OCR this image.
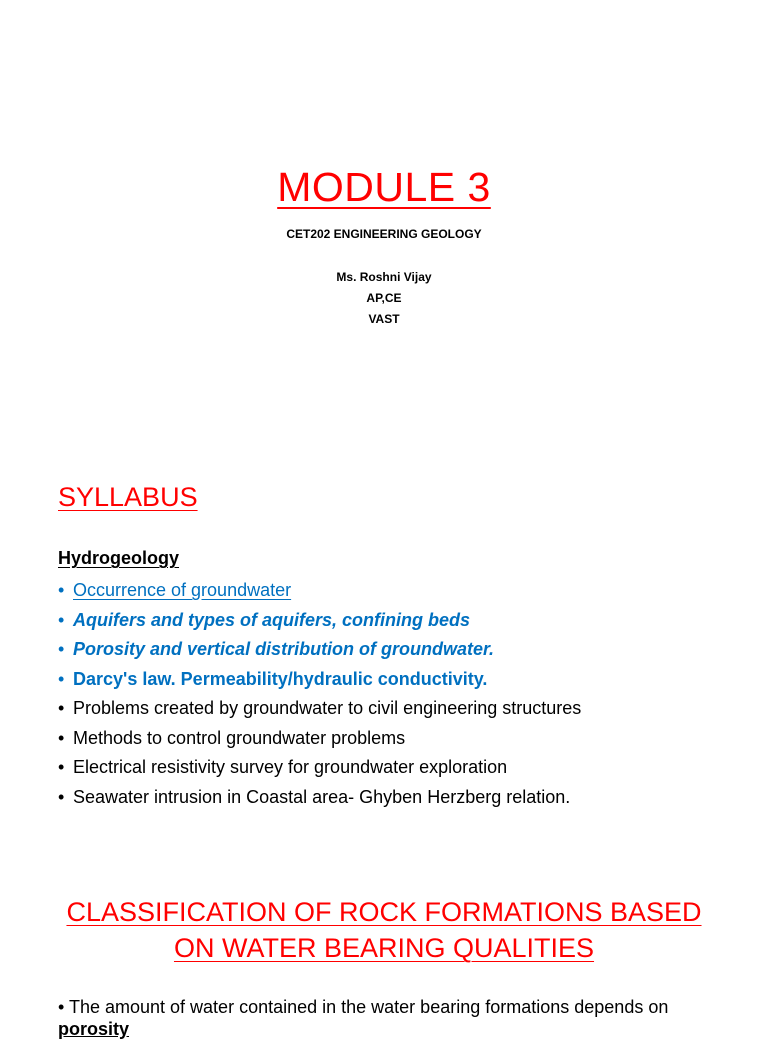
MODULE 3
CET202 ENGINEERING GEOLOGY
Ms. Roshni Vijay
AP,CE
VAST
SYLLABUS
Hydrogeology
• Occurrence of groundwater
• Aquifers and types of aquifers, confining beds
• Porosity and vertical distribution of groundwater.
• Darcy's law. Permeability/hydraulic conductivity.
• Problems created by groundwater to civil engineering structures
• Methods to control groundwater problems
• Electrical resistivity survey for groundwater exploration
• Seawater intrusion in Coastal area- Ghyben Herzberg relation.
CLASSIFICATION OF ROCK FORMATIONS BASED
ON WATER BEARING QUALITIES
• The amount of water contained in the water bearing formations depends on porosity
